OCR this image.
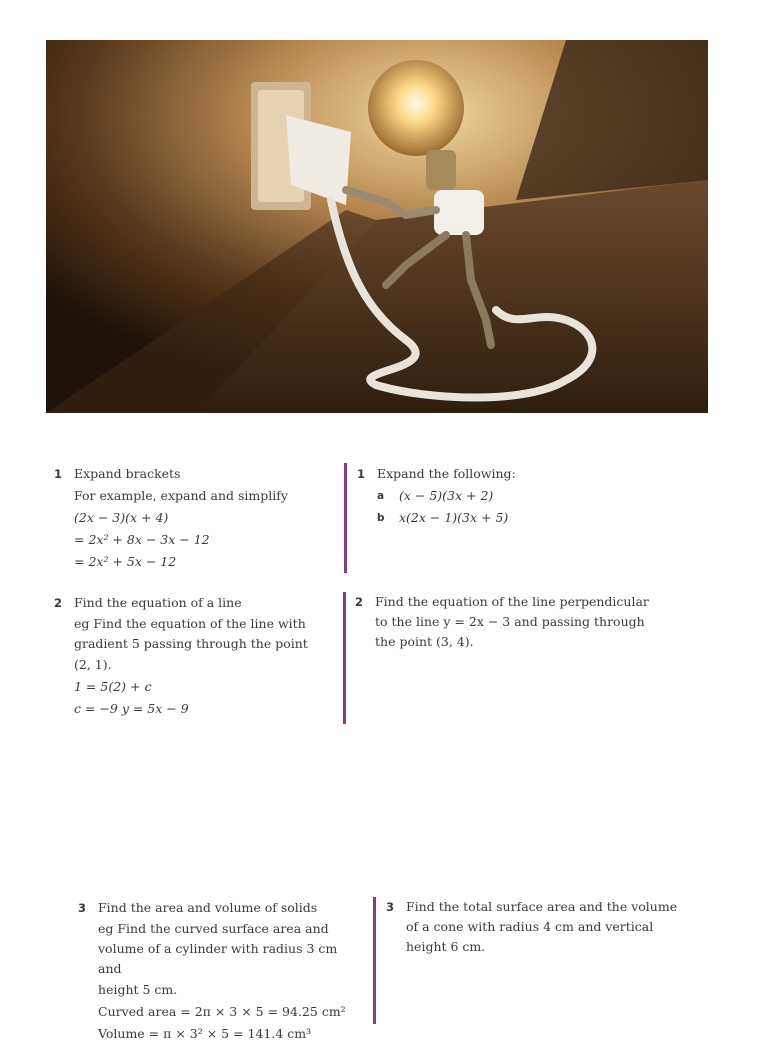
1 Expand brackets
For example, expand and simplify
(2x − 3)(x + 4)
= 2x² + 8x − 3x − 12
= 2x² + 5x − 12
1 Expand the following:
a	(x − 5)(3x + 2)
b	x(2x − 1)(3x + 5)
2 Find the equation of a line
eg Find the equation of the line with
gradient 5 passing through the point
(2, 1).
1 = 5(2) + c
c = −9 y = 5x − 9
2 Find the equation of the line perpendicular
to the line y = 2x − 3 and passing through
the point (3, 4).
3 Find the area and volume of solids
eg Find the curved surface area and
volume of a cylinder with radius 3 cm and
height 5 cm.
Curved area = 2π × 3 × 5 = 94.25 cm²
Volume = π × 3² × 5 = 141.4 cm³
3 Find the total surface area and the volume
of a cone with radius 4 cm and vertical
height 6 cm.
